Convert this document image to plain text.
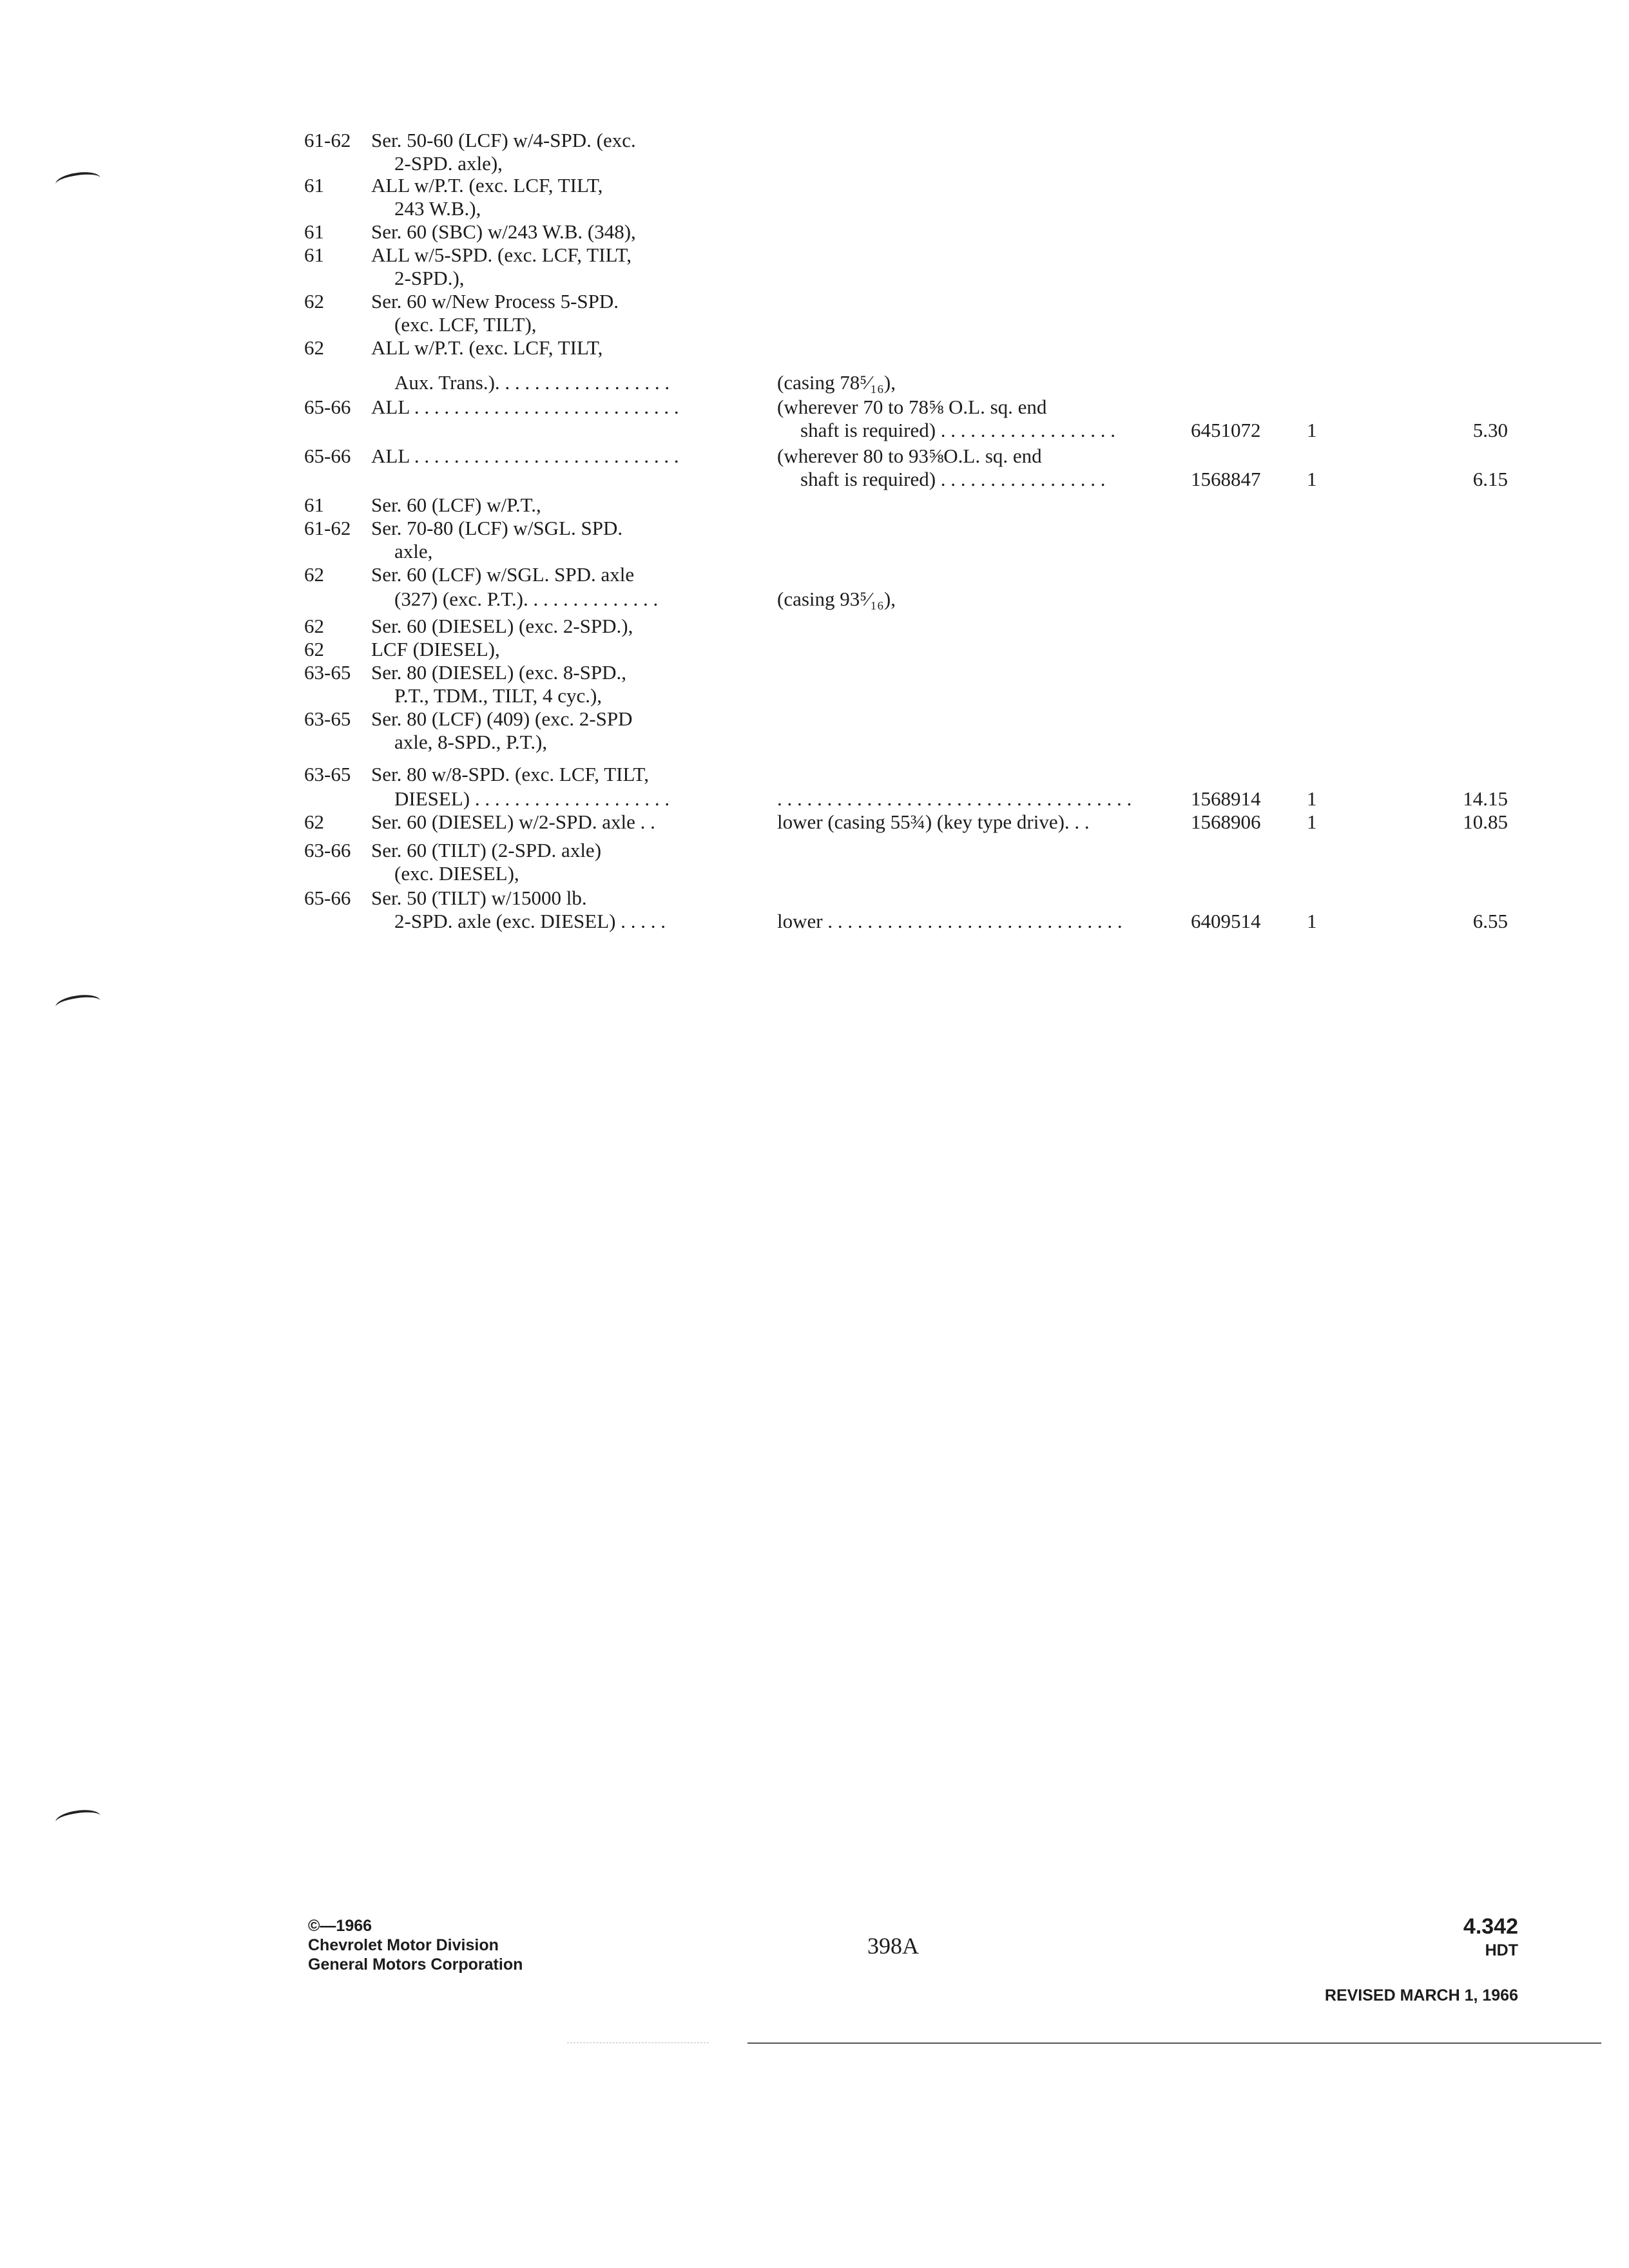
61-62 Ser. 50-60 (LCF) w/4-SPD. (exc.
2-SPD. axle),
61 ALL w/P.T. (exc. LCF, TILT,
243 W.B.),
61 Ser. 60 (SBC) w/243 W.B. (348),
61 ALL w/5-SPD. (exc. LCF, TILT,
2-SPD.),
62 Ser. 60 w/New Process 5-SPD.
(exc. LCF, TILT),
62 ALL w/P.T. (exc. LCF, TILT,
Aux. Trans.). . . . . . . . . . . . . . . . . .	(casing 78⁵⁄₁₆),
65-66 ALL . . . . . . . . . . . . . . . . . . . . . . . . . . .	(wherever 70 to 78⅝ O.L. sq. end
shaft is required) . . . . . . . . . . . . . . . . . .	6451072 1	5.30
65-66 ALL . . . . . . . . . . . . . . . . . . . . . . . . . . .	(wherever 80 to 93⅝O.L. sq. end
shaft is required) . . . . . . . . . . . . . . . . .	1568847 1	6.15
61 Ser. 60 (LCF) w/P.T.,
61-62 Ser. 70-80 (LCF) w/SGL. SPD.
axle,
62 Ser. 60 (LCF) w/SGL. SPD. axle
(327) (exc. P.T.). . . . . . . . . . . . . .	(casing 93⁵⁄₁₆),
62 Ser. 60 (DIESEL) (exc. 2-SPD.),
62 LCF (DIESEL),
63-65 Ser. 80 (DIESEL) (exc. 8-SPD.,
P.T., TDM., TILT, 4 cyc.),
63-65 Ser. 80 (LCF) (409) (exc. 2-SPD
axle, 8-SPD., P.T.),
63-65 Ser. 80 w/8-SPD. (exc. LCF, TILT,
DIESEL) . . . . . . . . . . . . . . . . . . . .	. . . . . . . . . . . . . . . . . . . . . . . . . . . . . . . . . . . .	1568914 1	14.15
62 Ser. 60 (DIESEL) w/2-SPD. axle . .	lower (casing 55¾) (key type drive). . .	1568906 1	10.85
63-66 Ser. 60 (TILT) (2-SPD. axle)
(exc. DIESEL),
65-66 Ser. 50 (TILT) w/15000 lb.
2-SPD. axle (exc. DIESEL) . . . . .	lower . . . . . . . . . . . . . . . . . . . . . . . . . . . . . .	6409514 1	6.55
©—1966
Chevrolet Motor Division
General Motors Corporation
398A
4.342
HDT
REVISED MARCH 1, 1966
